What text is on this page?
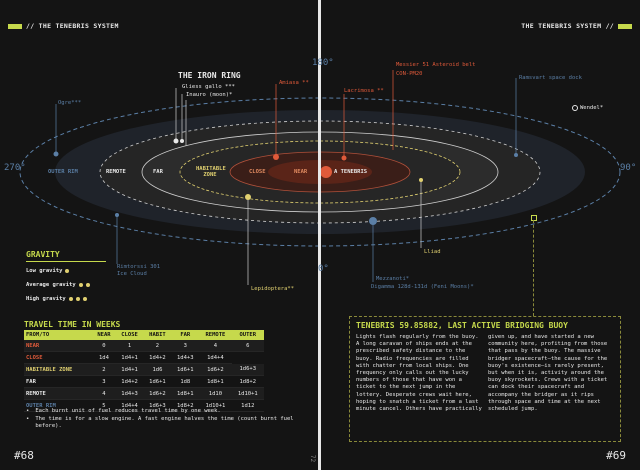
// THE TENEBRIS SYSTEM	THE TENEBRIS SYSTEM //
180°
270°	90°
0°
OUTER RIM	REMOTE	FAR	HABITABLE ZONE	CLOSE	NEAR	A TENEBRIS
THE IRON RING
Gliess gallo ***
Inauro (moon)*
Amiasa **
Lacrimosa **
Messier 51 Asteroid belt
CON-PM20
Ramsvart space dock
Wendel*
Ogre***
Rimtorssi 301
Ice Cloud
Lepidoptera**
Mezzanoti*
Digamma 128d-131d (Feni Moons)*
Lliad
GRAVITY
Low gravity
Average gravity
High gravity
TRAVEL TIME IN WEEKS
FROM/TO	NEAR	CLOSE	HABIT	FAR	REMOTE	OUTER
NEAR	0	1	2	3	4	6
CLOSE	1d4	1d4+1	1d4+2	1d4+3	1d4+4	
HABITABLE ZONE	2	1d4+1	1d6	1d6+1	1d6+2	1d6+3
FAR	3	1d4+2	1d6+1	1d8	1d8+1	1d8+2
REMOTE	4	1d4+3	1d6+2	1d8+1	1d10	1d10+1
OUTER RIM	5	1d4+4	1d6+3	1d8+2	1d10+1	1d12
• Each burnt unit of fuel reduces travel time by one week.
• The time is for a slow engine. A fast engine halves the time (count burnt fuel before).
TENEBRIS 59.85882, LAST ACTIVE BRIDGING BUOY
Lights flash regularly from the buoy. A long caravan of ships ends at the prescribed safety distance to the buoy. Radio frequencies are filled with chatter from local ships. One frequency only calls out the lucky numbers of those that have won a ticket to the next jump in the lottery. Desperate crews wait here, hoping to snatch a ticket from a last minute cancel. Others have practically
given up, and have started a new community here, profiting from those that pass by the buoy. The massive bridger spacecraft—the cause for the buoy's existence—is rarely present, but when it is, activity around the buoy skyrockets. Crews with a ticket can dock their spacecraft and accompany the bridger as it rips through space and time at the next scheduled jump.
#68	#69
72
